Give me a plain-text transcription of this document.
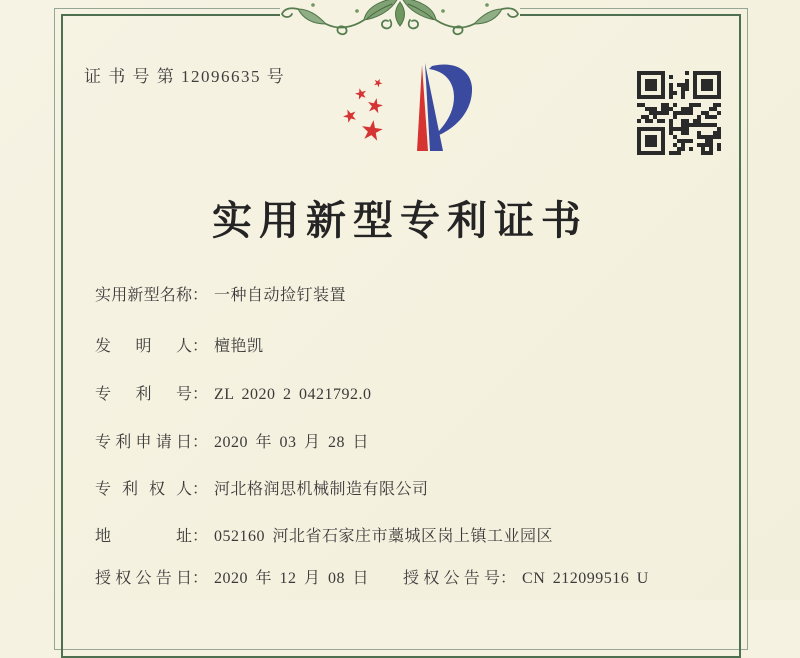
证 书 号 第 12096635 号
实用新型专利证书
实用新型名称： 一种自动捡钉装置
发明人： 檀艳凯
专利号： ZL 2020 2 0421792.0
专利申请日： 2020 年 03 月 28 日
专利权人： 河北格润思机械制造有限公司
地址： 052160 河北省石家庄市藁城区岗上镇工业园区
授权公告日： 2020 年 12 月 08 日 授权公告号： CN 212099516 U
